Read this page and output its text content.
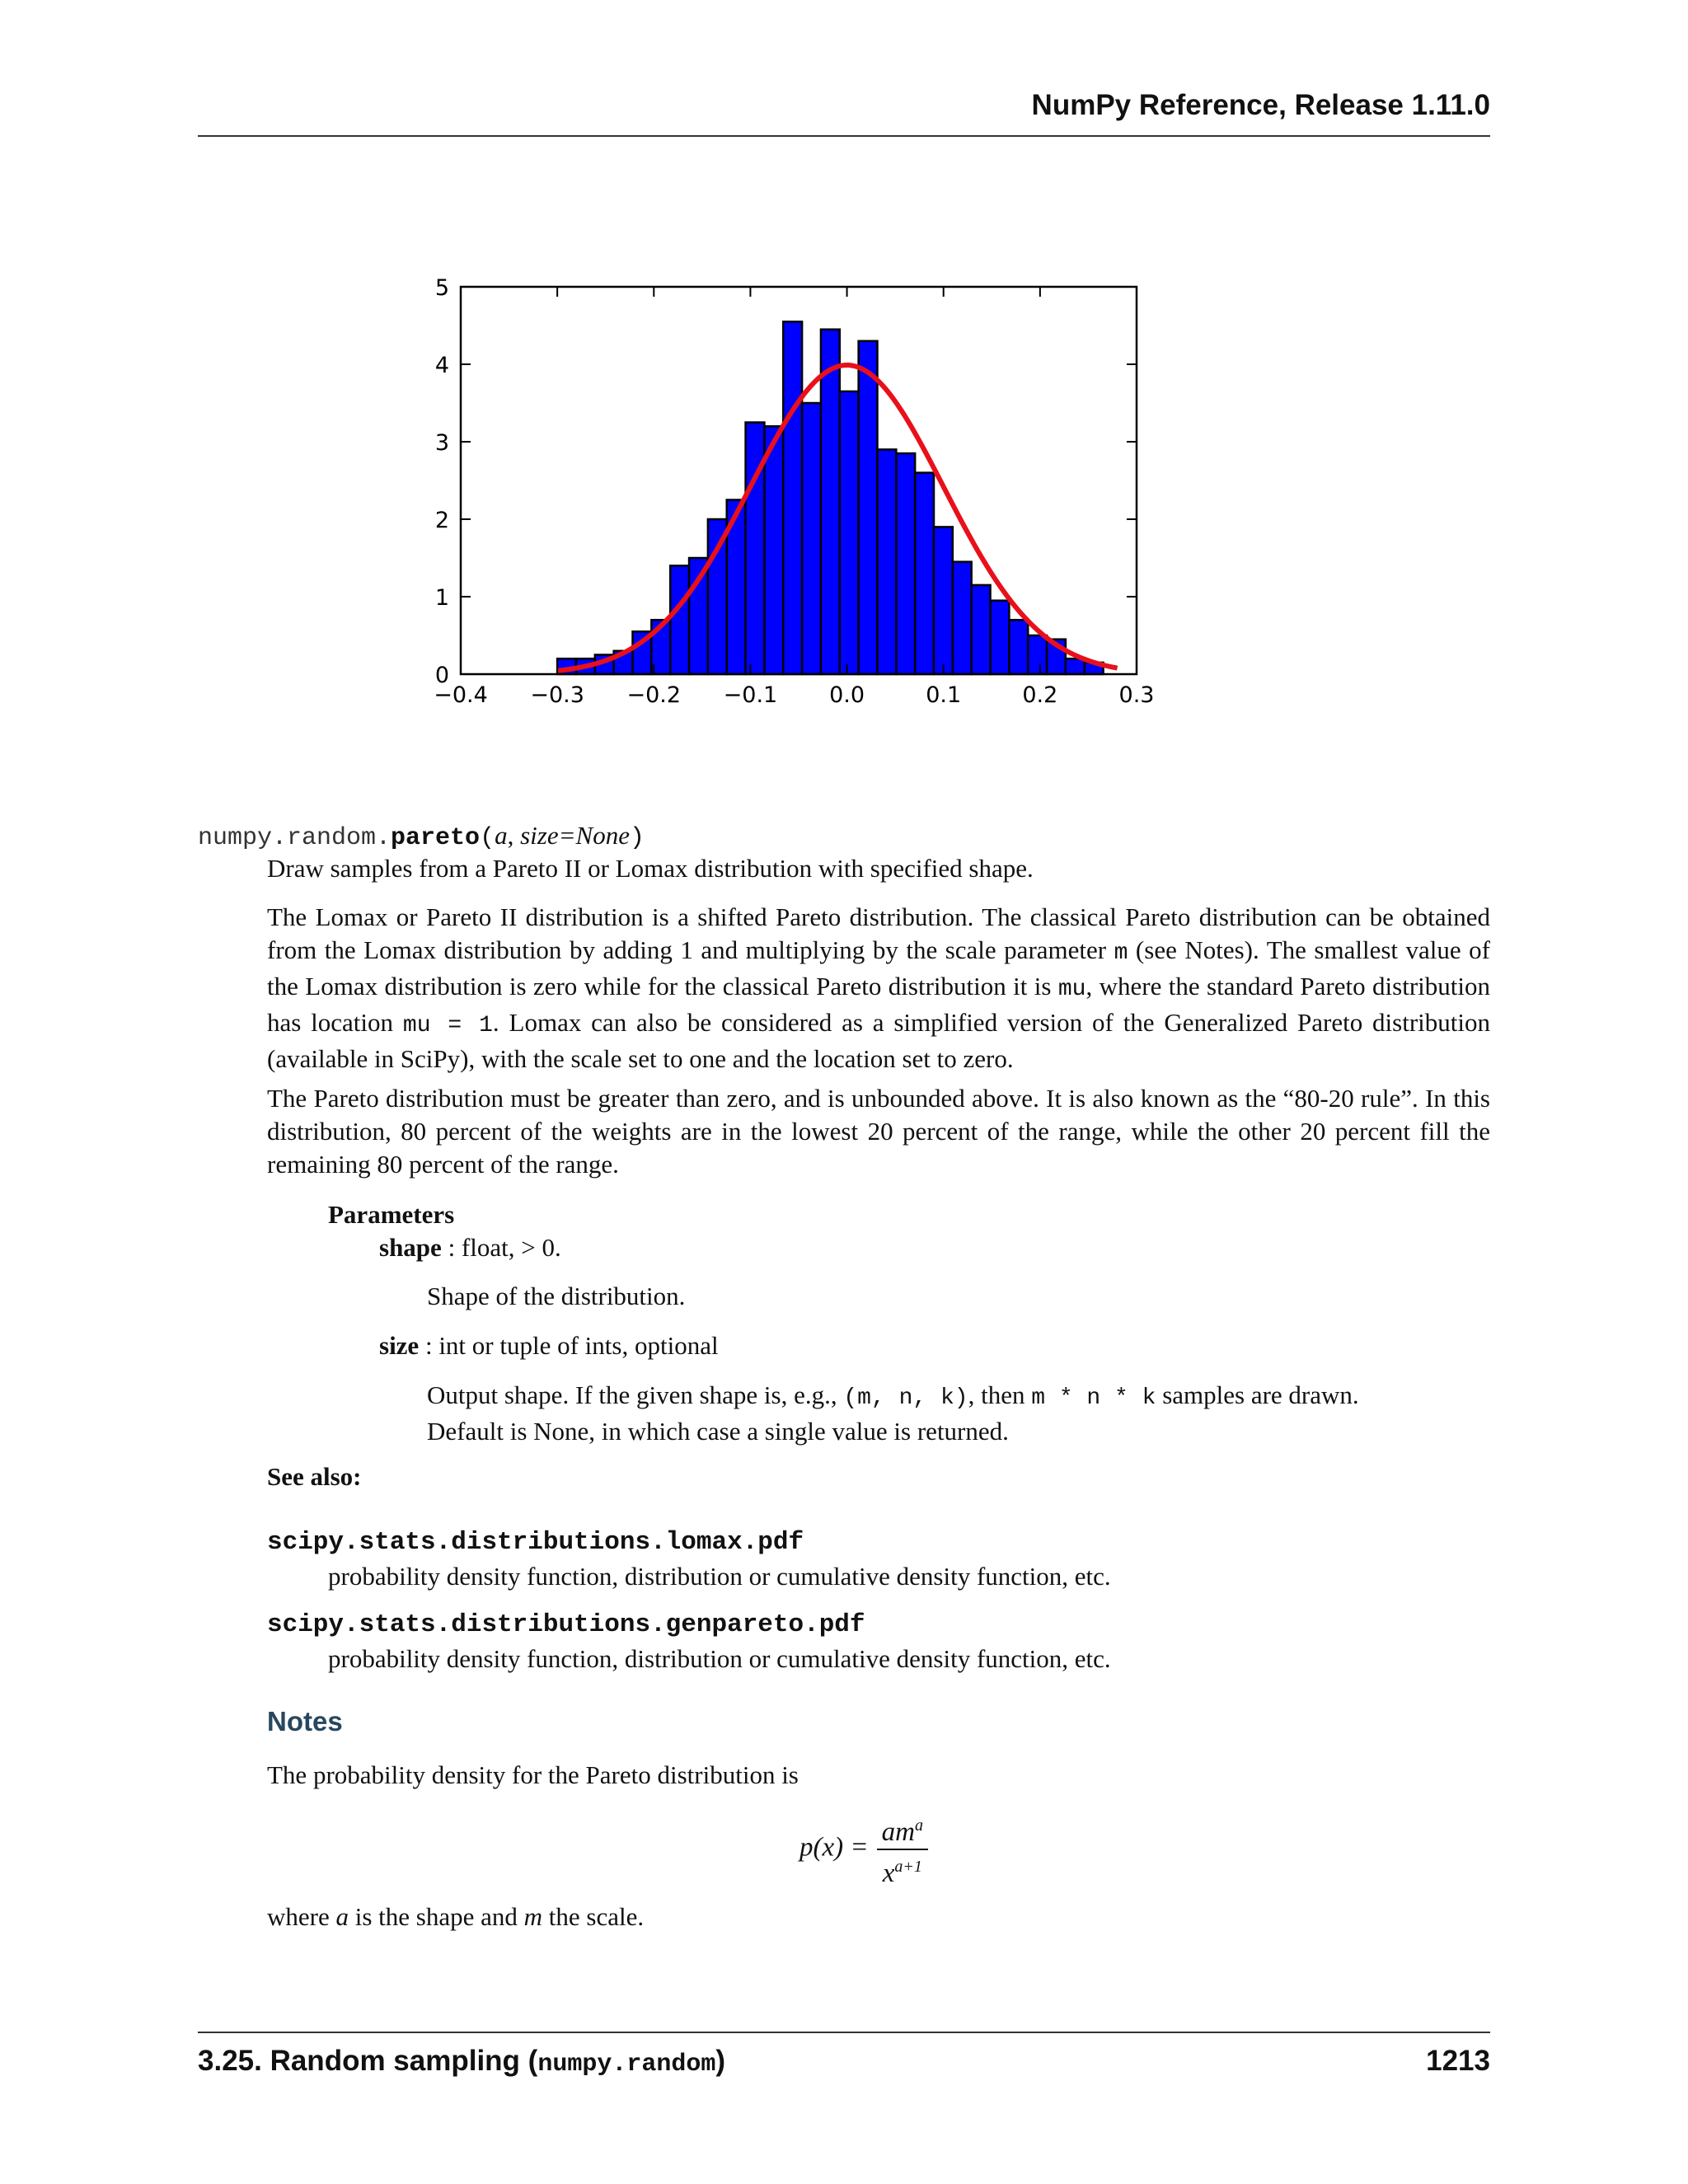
NumPy Reference, Release 1.11.0
−0.4 −0.3 −0.2 −0.1 0.0	0.1	0.2	0.3
0
1
2
3
4
5
numpy.random.pareto(a, size=None)
Draw samples from a Pareto II or Lomax distribution with specified shape.
The Lomax or Pareto II distribution is a shifted Pareto distribution. The classical Pareto distribution can be obtained from the Lomax distribution by adding 1 and multiplying by the scale parameter m (see Notes). The smallest value of the Lomax distribution is zero while for the classical Pareto distribution it is mu, where the standard Pareto distribution has location mu = 1. Lomax can also be considered as a simplified version of the Generalized Pareto distribution (available in SciPy), with the scale set to one and the location set to zero.
The Pareto distribution must be greater than zero, and is unbounded above. It is also known as the “80-20 rule”. In this distribution, 80 percent of the weights are in the lowest 20 percent of the range, while the other 20 percent fill the remaining 80 percent of the range.
Parameters
shape : float, > 0.
Shape of the distribution.
size : int or tuple of ints, optional
Output shape. If the given shape is, e.g., (m, n, k), then m * n * k samples are drawn. Default is None, in which case a single value is returned.
See also:
scipy.stats.distributions.lomax.pdf
probability density function, distribution or cumulative density function, etc.
scipy.stats.distributions.genpareto.pdf
probability density function, distribution or cumulative density function, etc.
Notes
The probability density for the Pareto distribution is
$p(x) = \frac{am^a}{x^{a+1}}$
where a is the shape and m the scale.
3.25. Random sampling (numpy.random)	1213
